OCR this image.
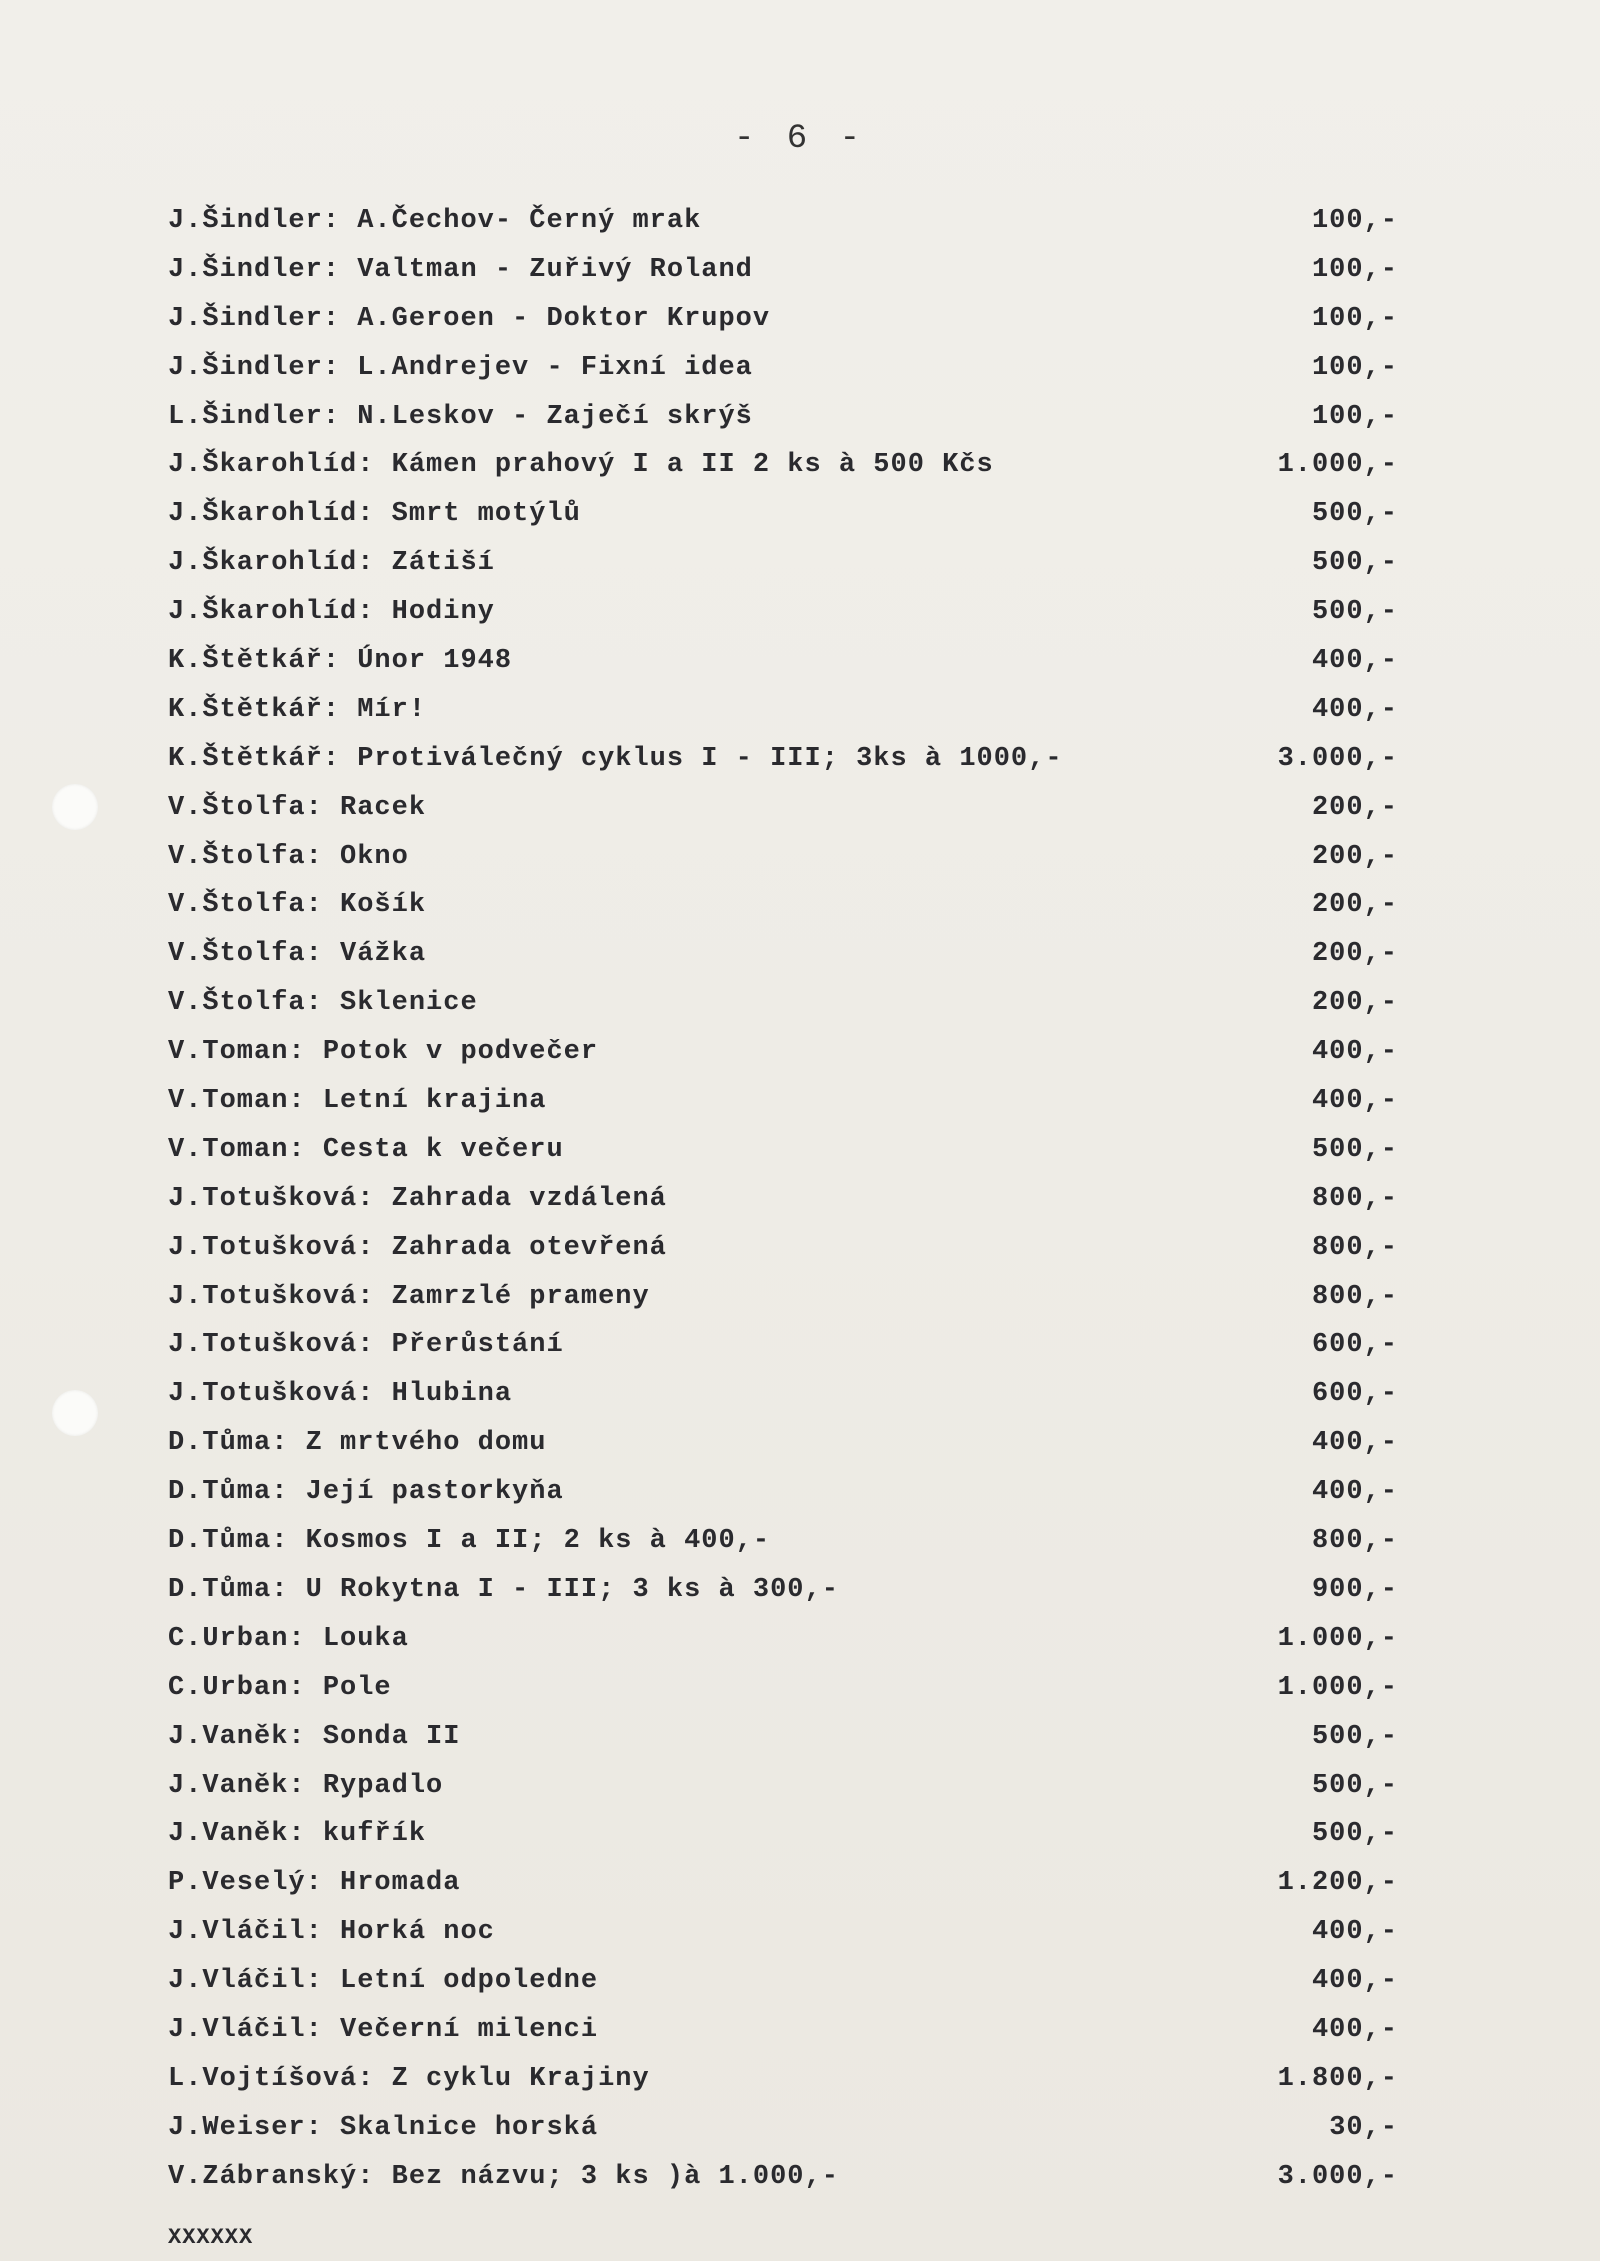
- 6 -
J.Šindler: A.Čechov- Černý mrak	100,-
J.Šindler: Valtman - Zuřivý Roland	100,-
J.Šindler: A.Geroen - Doktor Krupov	100,-
J.Šindler: L.Andrejev - Fixní idea	100,-
L.Šindler: N.Leskov - Zaječí skrýš	100,-
J.Škarohlíd: Kámen prahový I a II 2 ks à 500 Kčs	1.000,-
J.Škarohlíd: Smrt motýlů	500,-
J.Škarohlíd: Zátiší	500,-
J.Škarohlíd: Hodiny	500,-
K.Štětkář: Únor 1948	400,-
K.Štětkář: Mír!	400,-
K.Štětkář: Protiválečný cyklus I - III; 3ks à 1000,-	3.000,-
V.Štolfa: Racek	200,-
V.Štolfa: Okno	200,-
V.Štolfa: Košík	200,-
V.Štolfa: Vážka	200,-
V.Štolfa: Sklenice	200,-
V.Toman: Potok v podvečer	400,-
V.Toman: Letní krajina	400,-
V.Toman: Cesta k večeru	500,-
J.Totušková: Zahrada vzdálená	800,-
J.Totušková: Zahrada otevřená	800,-
J.Totušková: Zamrzlé prameny	800,-
J.Totušková: Přerůstání	600,-
J.Totušková: Hlubina	600,-
D.Tůma: Z mrtvého domu	400,-
D.Tůma: Její pastorkyňa	400,-
D.Tůma: Kosmos I a II; 2 ks à 400,-	800,-
D.Tůma: U Rokytna I - III; 3 ks à 300,-	900,-
C.Urban: Louka	1.000,-
C.Urban: Pole	1.000,-
J.Vaněk: Sonda II	500,-
J.Vaněk: Rypadlo	500,-
J.Vaněk: kufřík	500,-
P.Veselý: Hromada	1.200,-
J.Vláčil: Horká noc	400,-
J.Vláčil: Letní odpoledne	400,-
J.Vláčil: Večerní milenci	400,-
L.Vojtíšová: Z cyklu Krajiny	1.800,-
J.Weiser: Skalnice horská	30,-
V.Zábranský: Bez názvu; 3 ks )à 1.000,-	3.000,-
XXXXXX
